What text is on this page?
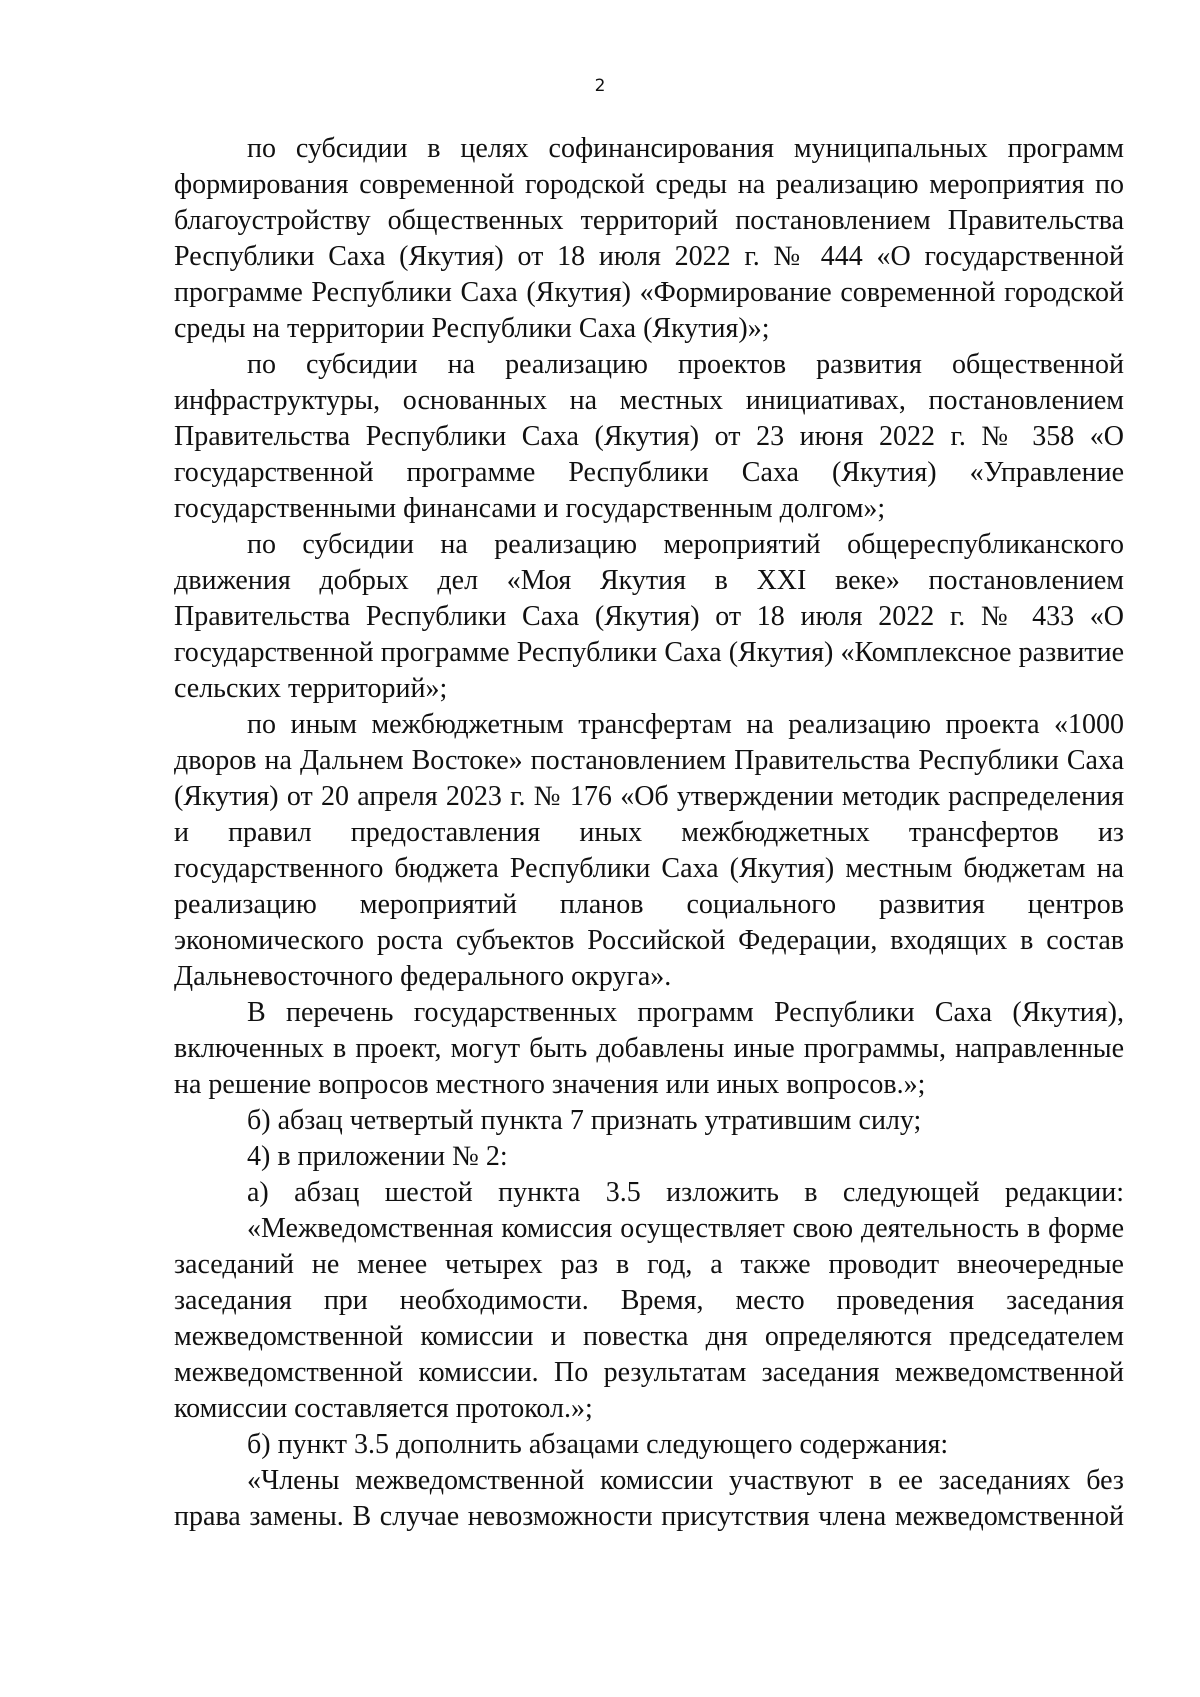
2

по субсидии в целях софинансирования муниципальных программ формирования современной городской среды на реализацию мероприятия по благоустройству общественных территорий постановлением Правительства Республики Саха (Якутия) от 18 июля 2022 г. № 444 «О государственной программе Республики Саха (Якутия) «Формирование современной городской среды на территории Республики Саха (Якутия)»;

по субсидии на реализацию проектов развития общественной инфраструктуры, основанных на местных инициативах, постановлением Правительства Республики Саха (Якутия) от 23 июня 2022 г. № 358 «О государственной программе Республики Саха (Якутия) «Управление государственными финансами и государственным долгом»;

по субсидии на реализацию мероприятий общереспубликанского движения добрых дел «Моя Якутия в XXI веке» постановлением Правительства Республики Саха (Якутия) от 18 июля 2022 г. № 433 «О государственной программе Республики Саха (Якутия) «Комплексное развитие сельских территорий»;

по иным межбюджетным трансфертам на реализацию проекта «1000 дворов на Дальнем Востоке» постановлением Правительства Республики Саха (Якутия) от 20 апреля 2023 г. № 176 «Об утверждении методик распределения и правил предоставления иных межбюджетных трансфертов из государственного бюджета Республики Саха (Якутия) местным бюджетам на реализацию мероприятий планов социального развития центров экономического роста субъектов Российской Федерации, входящих в состав Дальневосточного федерального округа».

В перечень государственных программ Республики Саха (Якутия), включенных в проект, могут быть добавлены иные программы, направленные на решение вопросов местного значения или иных вопросов.»;

б) абзац четвертый пункта 7 признать утратившим силу;

4) в приложении № 2:

а) абзац шестой пункта 3.5 изложить в следующей редакции:

«Межведомственная комиссия осуществляет свою деятельность в форме заседаний не менее четырех раз в год, а также проводит внеочередные заседания при необходимости. Время, место проведения заседания межведомственной комиссии и повестка дня определяются председателем межведомственной комиссии. По результатам заседания межведомственной комиссии составляется протокол.»;

б) пункт 3.5 дополнить абзацами следующего содержания:

«Члены межведомственной комиссии участвуют в ее заседаниях без права замены. В случае невозможности присутствия члена межведомственной
